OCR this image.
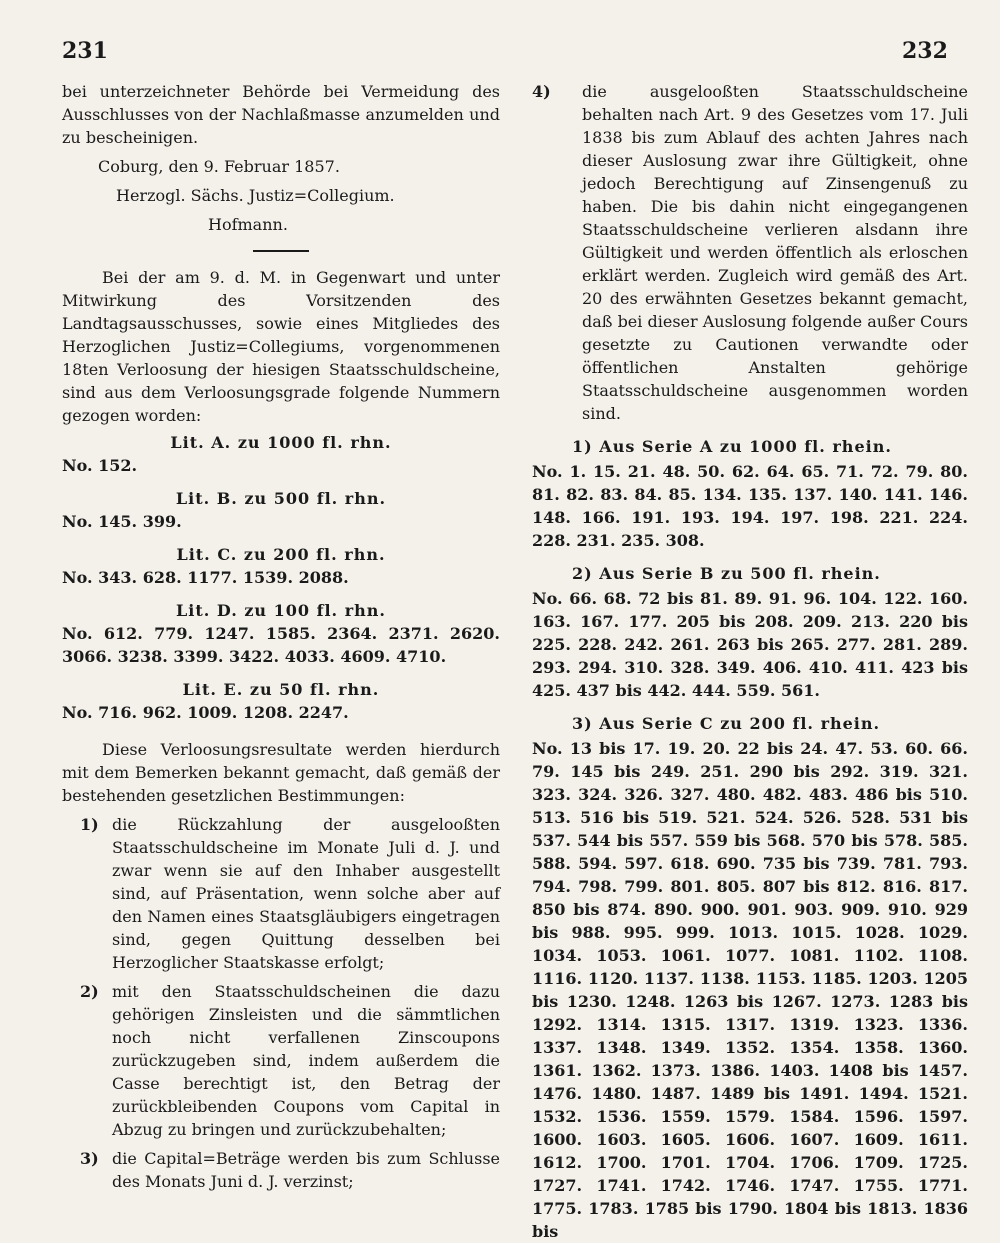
231	232

bei unterzeichneter Behörde bei Vermeidung des Ausschlusses von der Nachlaßmasse anzumelden und zu bescheinigen.

Coburg, den 9. Februar 1857.

Herzogl. Sächs. Justiz=Collegium.

Hofmann.

Bei der am 9. d. M. in Gegenwart und unter Mitwirkung des Vorsitzenden des Landtagsausschusses, sowie eines Mitgliedes des Herzoglichen Justiz=Collegiums, vorgenommenen 18ten Verloosung der hiesigen Staatsschuldscheine, sind aus dem Verloosungsgrade folgende Nummern gezogen worden:

Lit. A. zu 1000 fl. rhn.

No. 152.

Lit. B. zu 500 fl. rhn.

No. 145. 399.

Lit. C. zu 200 fl. rhn.

No. 343. 628. 1177. 1539. 2088.

Lit. D. zu 100 fl. rhn.

No. 612. 779. 1247. 1585. 2364. 2371. 2620. 3066. 3238. 3399. 3422. 4033. 4609. 4710.

Lit. E. zu 50 fl. rhn.

No. 716. 962. 1009. 1208. 2247.

Diese Verloosungsresultate werden hierdurch mit dem Bemerken bekannt gemacht, daß gemäß der bestehenden gesetzlichen Bestimmungen:

1) die Rückzahlung der ausgelooßten Staatsschuldscheine im Monate Juli d. J. und zwar wenn sie auf den Inhaber ausgestellt sind, auf Präsentation, wenn solche aber auf den Namen eines Staatsgläubigers eingetragen sind, gegen Quittung desselben bei Herzoglicher Staatskasse erfolgt;
2) mit den Staatsschuldscheinen die dazu gehörigen Zinsleisten und die sämmtlichen noch nicht verfallenen Zinscoupons zurückzugeben sind, indem außerdem die Casse berechtigt ist, den Betrag der zurückbleibenden Coupons vom Capital in Abzug zu bringen und zurückzubehalten;
3) die Capital=Beträge werden bis zum Schlusse des Monats Juni d. J. verzinst;
4) die ausgelooßten Staatsschuldscheine behalten nach Art. 9 des Gesetzes vom 17. Juli 1838 bis zum Ablauf des achten Jahres nach dieser Auslosung zwar ihre Gültigkeit, ohne jedoch Berechtigung auf Zinsengenuß zu haben. Die bis dahin nicht eingegangenen Staatsschuldscheine verlieren alsdann ihre Gültigkeit und werden öffentlich als erloschen erklärt werden. Zugleich wird gemäß des Art. 20 des erwähnten Gesetzes bekannt gemacht, daß bei dieser Auslosung folgende außer Cours gesetzte zu Cautionen verwandte oder öffentlichen Anstalten gehörige Staatsschuldscheine ausgenommen worden sind.

1) Aus Serie A zu 1000 fl. rhein.

No. 1. 15. 21. 48. 50. 62. 64. 65. 71. 72. 79. 80. 81. 82. 83. 84. 85. 134. 135. 137. 140. 141. 146. 148. 166. 191. 193. 194. 197. 198. 221. 224. 228. 231. 235. 308.

2) Aus Serie B zu 500 fl. rhein.

No. 66. 68. 72 bis 81. 89. 91. 96. 104. 122. 160. 163. 167. 177. 205 bis 208. 209. 213. 220 bis 225. 228. 242. 261. 263 bis 265. 277. 281. 289. 293. 294. 310. 328. 349. 406. 410. 411. 423 bis 425. 437 bis 442. 444. 559. 561.

3) Aus Serie C zu 200 fl. rhein.

No. 13 bis 17. 19. 20. 22 bis 24. 47. 53. 60. 66. 79. 145 bis 249. 251. 290 bis 292. 319. 321. 323. 324. 326. 327. 480. 482. 483. 486 bis 510. 513. 516 bis 519. 521. 524. 526. 528. 531 bis 537. 544 bis 557. 559 bis 568. 570 bis 578. 585. 588. 594. 597. 618. 690. 735 bis 739. 781. 793. 794. 798. 799. 801. 805. 807 bis 812. 816. 817. 850 bis 874. 890. 900. 901. 903. 909. 910. 929 bis 988. 995. 999. 1013. 1015. 1028. 1029. 1034. 1053. 1061. 1077. 1081. 1102. 1108. 1116. 1120. 1137. 1138. 1153. 1185. 1203. 1205 bis 1230. 1248. 1263 bis 1267. 1273. 1283 bis 1292. 1314. 1315. 1317. 1319. 1323. 1336. 1337. 1348. 1349. 1352. 1354. 1358. 1360. 1361. 1362. 1373. 1386. 1403. 1408 bis 1457. 1476. 1480. 1487. 1489 bis 1491. 1494. 1521. 1532. 1536. 1559. 1579. 1584. 1596. 1597. 1600. 1603. 1605. 1606. 1607. 1609. 1611. 1612. 1700. 1701. 1704. 1706. 1709. 1725. 1727. 1741. 1742. 1746. 1747. 1755. 1771. 1775. 1783. 1785 bis 1790. 1804 bis 1813. 1836 bis
